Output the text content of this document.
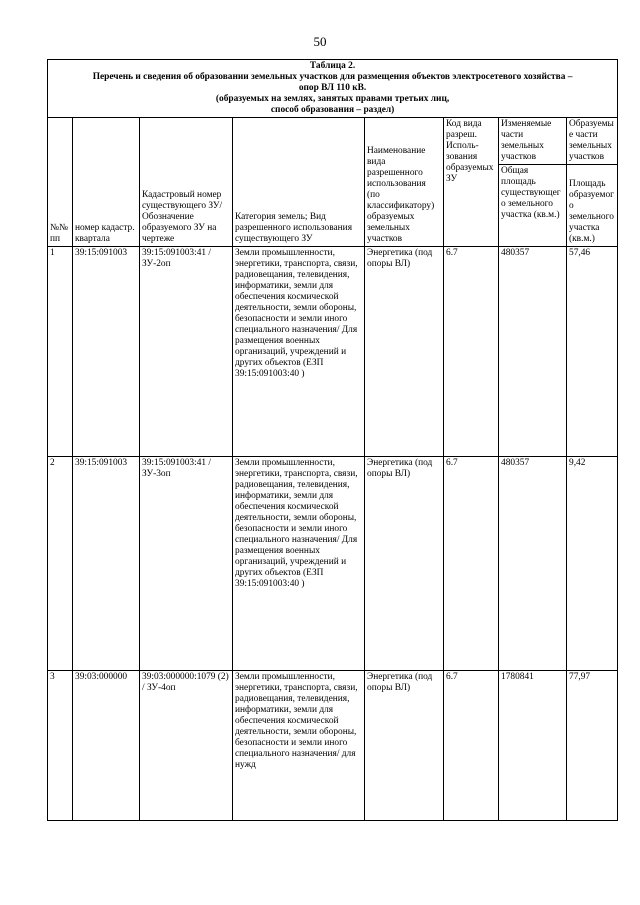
50
Таблица 2.
Перечень и сведения об образовании земельных участков для размещения объектов электросетевого хозяйства –
опор ВЛ 110 кВ.
(образуемых на землях, занятых правами третьих лиц,
способ образования – раздел)							

№№ пп	номер кадастр. квартала	Кадастровый номер существующего ЗУ/ Обозначение образуемого ЗУ на чертеже	Категория земель; Вид разрешенного использования существующего ЗУ	Наименование вида разрешенного использования (по классификатору) образуемых земельных участков	Код вида разреш. Исполь-зования образуемых ЗУ	Изменяемые части земельных участков	Образуемые части земельных участков
						Общая площадь существующего земельного участка (кв.м.)	Площадь образуемого земельного участка (кв.м.)
1	39:15:091003	39:15:091003:41 / ЗУ-2оп	Земли промышленности, энергетики, транспорта, связи, радиовещания, телевидения, информатики, земли для обеспечения космической деятельности, земли обороны, безопасности и земли иного специального назначения/ Для размещения военных организаций, учреждений и других объектов (ЕЗП 39:15:091003:40 )	Энергетика (под опоры ВЛ)	6.7	480357	57,46
2	39:15:091003	39:15:091003:41 / ЗУ-3оп	Земли промышленности, энергетики, транспорта, связи, радиовещания, телевидения, информатики, земли для обеспечения космической деятельности, земли обороны, безопасности и земли иного специального назначения/ Для размещения военных организаций, учреждений и других объектов (ЕЗП 39:15:091003:40 )	Энергетика (под опоры ВЛ)	6.7	480357	9,42
3	39:03:000000	39:03:000000:1079 (2) / ЗУ-4оп	Земли промышленности, энергетики, транспорта, связи, радиовещания, телевидения, информатики, земли для обеспечения космической деятельности, земли обороны, безопасности и земли иного специального назначения/ для нужд	Энергетика (под опоры ВЛ)	6.7	1780841	77,97
